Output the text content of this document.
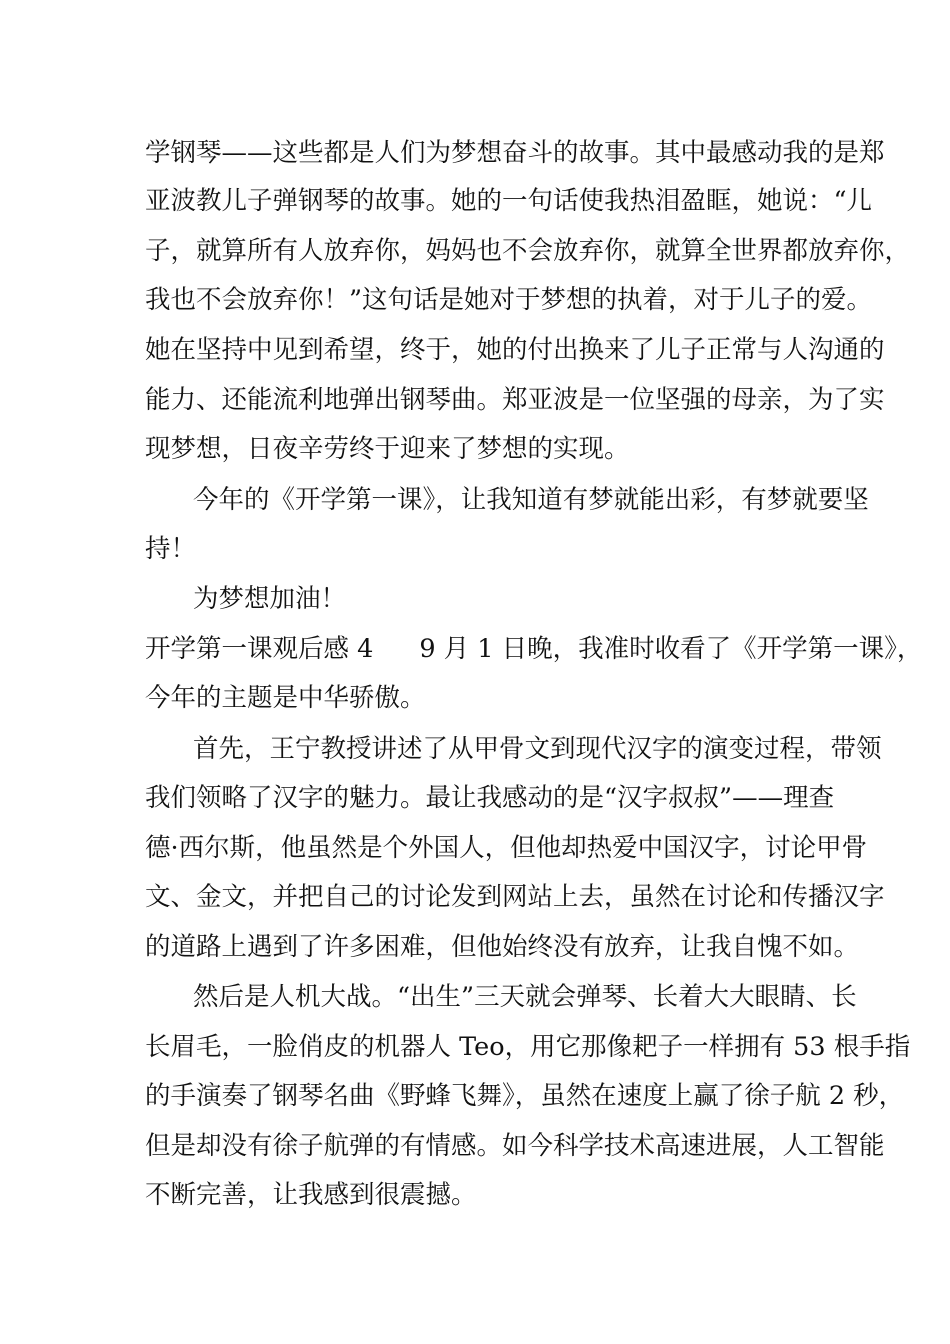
学钢琴——这些都是人们为梦想奋斗的故事。其中最感动我的是郑
亚波教儿子弹钢琴的故事。她的一句话使我热泪盈眶，她说：“儿
子，就算所有人放弃你，妈妈也不会放弃你，就算全世界都放弃你，
我也不会放弃你！”这句话是她对于梦想的执着，对于儿子的爱。
她在坚持中见到希望，终于，她的付出换来了儿子正常与人沟通的
能力、还能流利地弹出钢琴曲。郑亚波是一位坚强的母亲，为了实
现梦想，日夜辛劳终于迎来了梦想的实现。
今年的《开学第一课》，让我知道有梦就能出彩，有梦就要坚
持！
为梦想加油！
开学第一课观后感 4 9 月 1 日晚，我准时收看了《开学第一课》，
今年的主题是中华骄傲。
首先，王宁教授讲述了从甲骨文到现代汉字的演变过程，带领
我们领略了汉字的魅力。最让我感动的是“汉字叔叔”——理查
德·西尔斯，他虽然是个外国人，但他却热爱中国汉字，讨论甲骨
文、金文，并把自己的讨论发到网站上去，虽然在讨论和传播汉字
的道路上遇到了许多困难，但他始终没有放弃，让我自愧不如。
然后是人机大战。“出生”三天就会弹琴、长着大大眼睛、长
长眉毛，一脸俏皮的机器人 Teo，用它那像耙子一样拥有 53 根手指
的手演奏了钢琴名曲《野蜂飞舞》，虽然在速度上赢了徐子航 2 秒，
但是却没有徐子航弹的有情感。如今科学技术高速进展，人工智能
不断完善，让我感到很震撼。
